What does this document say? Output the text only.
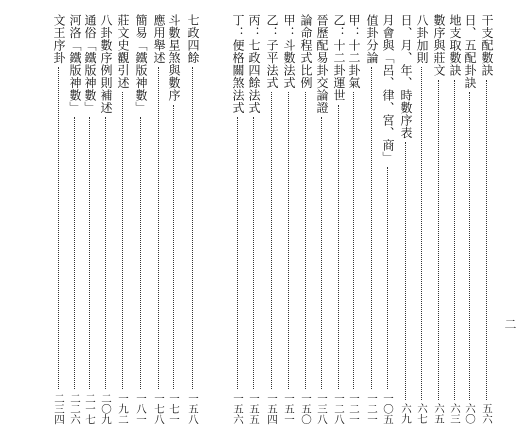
干支配數訣
五六
日、五配卦訣
六〇
地支取數訣
六三
數序與莊文
六五
八卦加則
六七
日、月、年、時數序表
六九
月會與「呂、律、宮、商」
一〇五
值卦分論
一二一
甲：十二卦氣
一二一
乙：十二卦運世
一二八
晉歷配易卦交論證
一三八
論命程式比例
一五〇
甲：斗數法式
一五一
乙：子平法式
一五四
丙：七政四餘法式
一五五
丁：便格關煞法式
一五六
七政四餘
一五八
斗數星煞與數序
一七一
應用舉述
一七八
簡易「鐵版神數」
一八一
莊文史觀引述
一九二
八卦數序例則補述
二〇九
通俗「鐵版神數」
二一七
河洛「鐵版神數」
二二六
文王序卦
二三四
二
